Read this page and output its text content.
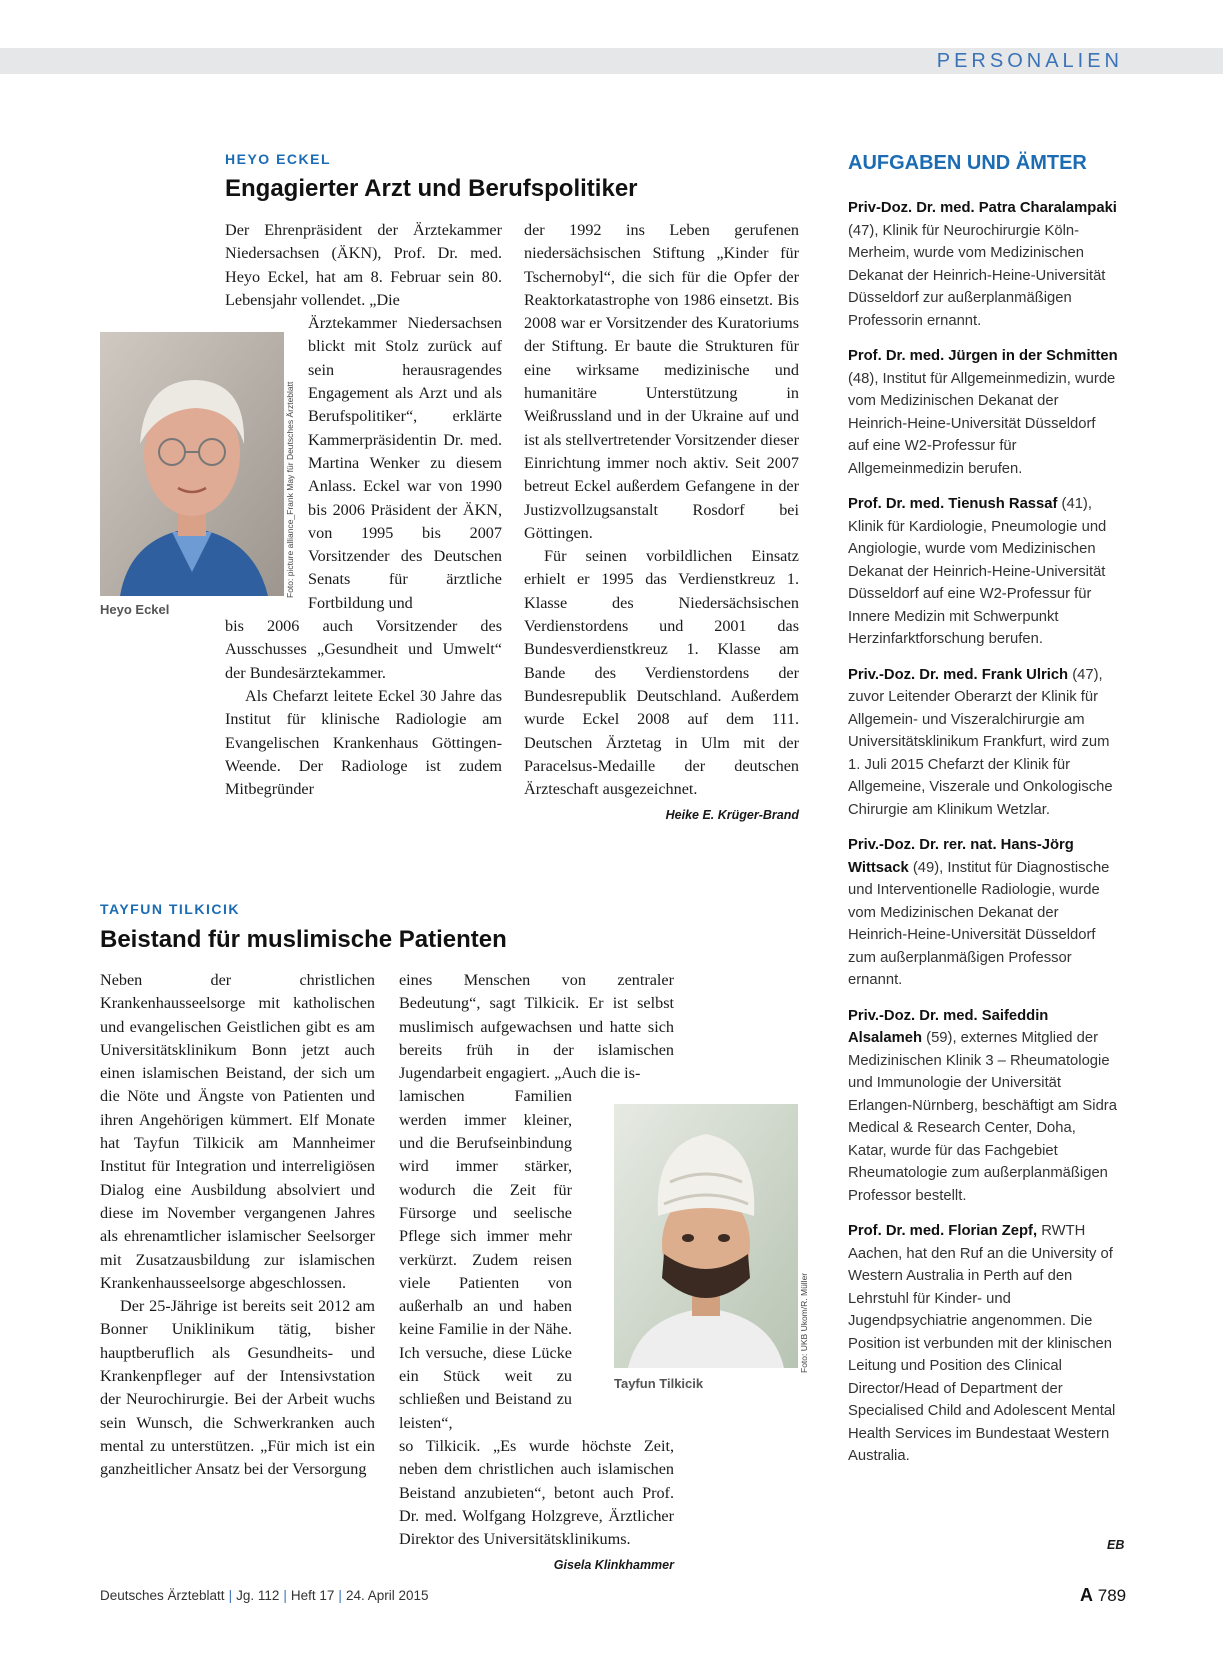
PERSONALIEN
HEYO ECKEL
Engagierter Arzt und Berufspolitiker
Foto: picture alliance_Frank May für Deutsches Ärzteblatt
Heyo Eckel

Der Ehrenpräsident der Ärztekammer Niedersachsen (ÄKN), Prof. Dr. med. Heyo Eckel, hat am 8. Februar sein 80. Lebensjahr vollendet. „Die

Ärztekammer Niedersachsen blickt mit Stolz zurück auf sein herausragendes Engagement als Arzt und als Berufspolitiker“, erklärte Kammerpräsidentin Dr. med. Martina Wenker zu diesem Anlass. Eckel war von 1990 bis 2006 Präsident der ÄKN, von 1995 bis 2007 Vorsitzender des Deutschen Senats für ärztliche Fortbildung und

bis 2006 auch Vorsitzender des Ausschusses „Gesundheit und Umwelt“ der Bundesärztekammer.

Als Chefarzt leitete Eckel 30 Jahre das Institut für klinische Radiologie am Evangelischen Krankenhaus Göttingen-Weende. Der Radiologe ist zudem Mitbegründer

der 1992 ins Leben gerufenen niedersächsischen Stiftung „Kinder für Tschernobyl“, die sich für die Opfer der Reaktorkatastrophe von 1986 einsetzt. Bis 2008 war er Vorsitzender des Kuratoriums der Stiftung. Er baute die Strukturen für eine wirksame medizinische und humanitäre Unterstützung in Weißrussland und in der Ukraine auf und ist als stellvertretender Vorsitzender dieser Einrichtung immer noch aktiv. Seit 2007 betreut Eckel außerdem Gefangene in der Justizvollzugsanstalt Rosdorf bei Göttingen.

Für seinen vorbildlichen Einsatz erhielt er 1995 das Verdienstkreuz 1. Klasse des Niedersächsischen Verdienstordens und 2001 das Bundesverdienstkreuz 1. Klasse am Bande des Verdienstordens der Bundesrepublik Deutschland. Außerdem wurde Eckel 2008 auf dem 111. Deutschen Ärztetag in Ulm mit der Paracelsus-Medaille der deutschen Ärzteschaft ausgezeichnet.

Heike E. Krüger-Brand
TAYFUN TILKICIK
Beistand für muslimische Patienten

Neben der christlichen Krankenhausseelsorge mit katholischen und evangelischen Geistlichen gibt es am Universitätsklinikum Bonn jetzt auch einen islamischen Beistand, der sich um die Nöte und Ängste von Patienten und ihren Angehörigen kümmert. Elf Monate hat Tayfun Tilkicik am Mannheimer Institut für Integration und interreligiösen Dialog eine Ausbildung absolviert und diese im November vergangenen Jahres als ehrenamtlicher islamischer Seelsorger mit Zusatzausbildung zur islamischen Krankenhausseelsorge abgeschlossen.

Der 25-Jährige ist bereits seit 2012 am Bonner Uniklinikum tätig, bisher hauptberuflich als Gesundheits- und Krankenpfleger auf der Intensivstation der Neurochirurgie. Bei der Arbeit wuchs sein Wunsch, die Schwerkranken auch mental zu unterstützen. „Für mich ist ein ganzheitlicher Ansatz bei der Versorgung

eines Menschen von zentraler Bedeutung“, sagt Tilkicik. Er ist selbst muslimisch aufgewachsen und hatte sich bereits früh in der islamischen Jugendarbeit engagiert. „Auch die is-

lamischen Familien werden immer kleiner, und die Berufseinbindung wird immer stärker, wodurch die Zeit für Fürsorge und seelische Pflege sich immer mehr verkürzt. Zudem reisen viele Patienten von außerhalb an und haben keine Familie in der Nähe. Ich versuche, diese Lücke ein Stück weit zu schließen und Beistand zu leisten“,

so Tilkicik. „Es wurde höchste Zeit, neben dem christlichen auch islamischen Beistand anzubieten“, betont auch Prof. Dr. med. Wolfgang Holzgreve, Ärztlicher Direktor des Universitätsklinikums.

Gisela Klinkhammer
Foto: UKB Ukom/R. Müller
Tayfun Tilkicik
AUFGABEN UND ÄMTER
Priv-Doz. Dr. med. Patra Charalampaki (47), Klinik für Neurochirurgie Köln-Merheim, wurde vom Medizinischen Dekanat der Heinrich-Heine-Universität Düsseldorf zur außerplanmäßigen Professorin ernannt.
Prof. Dr. med. Jürgen in der Schmitten (48), Institut für Allgemeinmedizin, wurde vom Medizinischen Dekanat der Heinrich-Heine-Universität Düsseldorf auf eine W2-Professur für Allgemeinmedizin berufen.
Prof. Dr. med. Tienush Rassaf (41), Klinik für Kardiologie, Pneumologie und Angiologie, wurde vom Medizinischen Dekanat der Heinrich-Heine-Universität Düsseldorf auf eine W2-Professur für Innere Medizin mit Schwerpunkt Herzinfarktforschung berufen.
Priv.-Doz. Dr. med. Frank Ulrich (47), zuvor Leitender Oberarzt der Klinik für Allgemein- und Viszeralchirurgie am Universitätsklinikum Frankfurt, wird zum 1. Juli 2015 Chefarzt der Klinik für Allgemeine, Viszerale und Onkologische Chirurgie am Klinikum Wetzlar.
Priv.-Doz. Dr. rer. nat. Hans-Jörg Wittsack (49), Institut für Diagnostische und Interventionelle Radiologie, wurde vom Medizinischen Dekanat der Heinrich-Heine-Universität Düsseldorf zum außerplanmäßigen Professor ernannt.
Priv.-Doz. Dr. med. Saifeddin Alsalameh (59), externes Mitglied der Medizinischen Klinik 3 – Rheumatologie und Immunologie der Universität Erlangen-Nürnberg, beschäftigt am Sidra Medical & Research Center, Doha, Katar, wurde für das Fachgebiet Rheumatologie zum außerplanmäßigen Professor bestellt.
Prof. Dr. med. Florian Zepf, RWTH Aachen, hat den Ruf an die University of Western Australia in Perth auf den Lehrstuhl für Kinder- und Jugendpsychiatrie angenommen. Die Position ist verbunden mit der klinischen Leitung und Position des Clinical Director/Head of Department der Specialised Child and Adolescent Mental Health Services im Bundestaat Western Australia.
EB
Deutsches Ärzteblatt | Jg. 112 | Heft 17 | 24. April 2015	A 789
